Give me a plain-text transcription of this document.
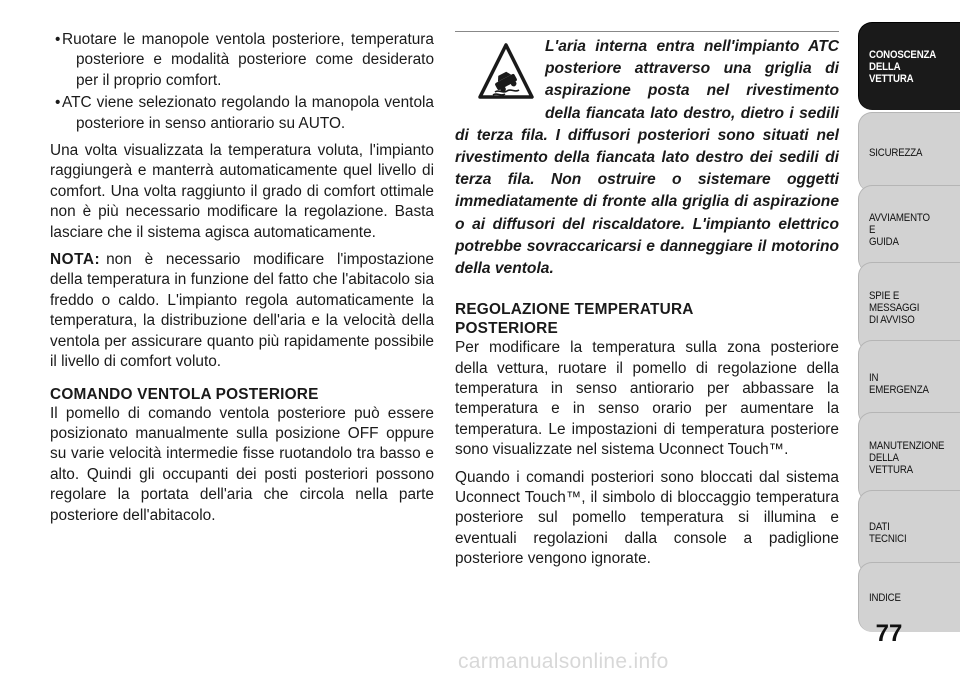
• Ruotare le manopole ventola posteriore, temperatura posteriore e modalità posteriore come desiderato per il proprio comfort.
• ATC viene selezionato regolando la manopola ventola posteriore in senso antiorario su AUTO.

Una volta visualizzata la temperatura voluta, l'impianto raggiungerà e manterrà automaticamente quel livello di comfort. Una volta raggiunto il grado di comfort ottimale non è più necessario modificare la regolazione. Basta lasciare che il sistema agisca automaticamente.

NOTA: non è necessario modificare l'impostazione della temperatura in funzione del fatto che l'abitacolo sia freddo o caldo. L'impianto regola automaticamente la temperatura, la distribuzione dell'aria e la velocità della ventola per assicurare quanto più rapidamente possibile il livello di comfort voluto.

COMANDO VENTOLA POSTERIORE

Il pomello di comando ventola posteriore può essere posizionato manualmente sulla posizione OFF oppure su varie velocità intermedie fisse ruotandolo tra basso e alto. Quindi gli occupanti dei posti posteriori possono regolare la portata dell'aria che circola nella parte posteriore dell'abitacolo.

L'aria interna entra nell'impianto ATC posteriore attraverso una griglia di aspirazione posta nel rivestimento della fiancata lato destro, dietro i sedili di terza fila. I diffusori posteriori sono situati nel rivestimento della fiancata lato destro dei sedili di terza fila. Non ostruire o sistemare oggetti immediatamente di fronte alla griglia di aspirazione o ai diffusori del riscaldatore. L'impianto elettrico potrebbe sovraccaricarsi e danneggiare il motorino della ventola.

REGOLAZIONE TEMPERATURA POSTERIORE

Per modificare la temperatura sulla zona posteriore della vettura, ruotare il pomello di regolazione della temperatura in senso antiorario per abbassare la temperatura e in senso orario per aumentare la temperatura. Le impostazioni di temperatura posteriore sono visualizzate nel sistema Uconnect Touch™.

Quando i comandi posteriori sono bloccati dal sistema Uconnect Touch™, il simbolo di bloccaggio temperatura posteriore sul pomello temperatura si illumina e eventuali regolazioni dalla console a padiglione posteriore vengono ignorate.

CONOSCENZA
DELLA
VETTURA
SICUREZZA
AVVIAMENTO
E
GUIDA
SPIE E
MESSAGGI
DI AVVISO
IN
EMERGENZA
MANUTENZIONE
DELLA
VETTURA
DATI
TECNICI
INDICE
77
carmanualsonline.info
